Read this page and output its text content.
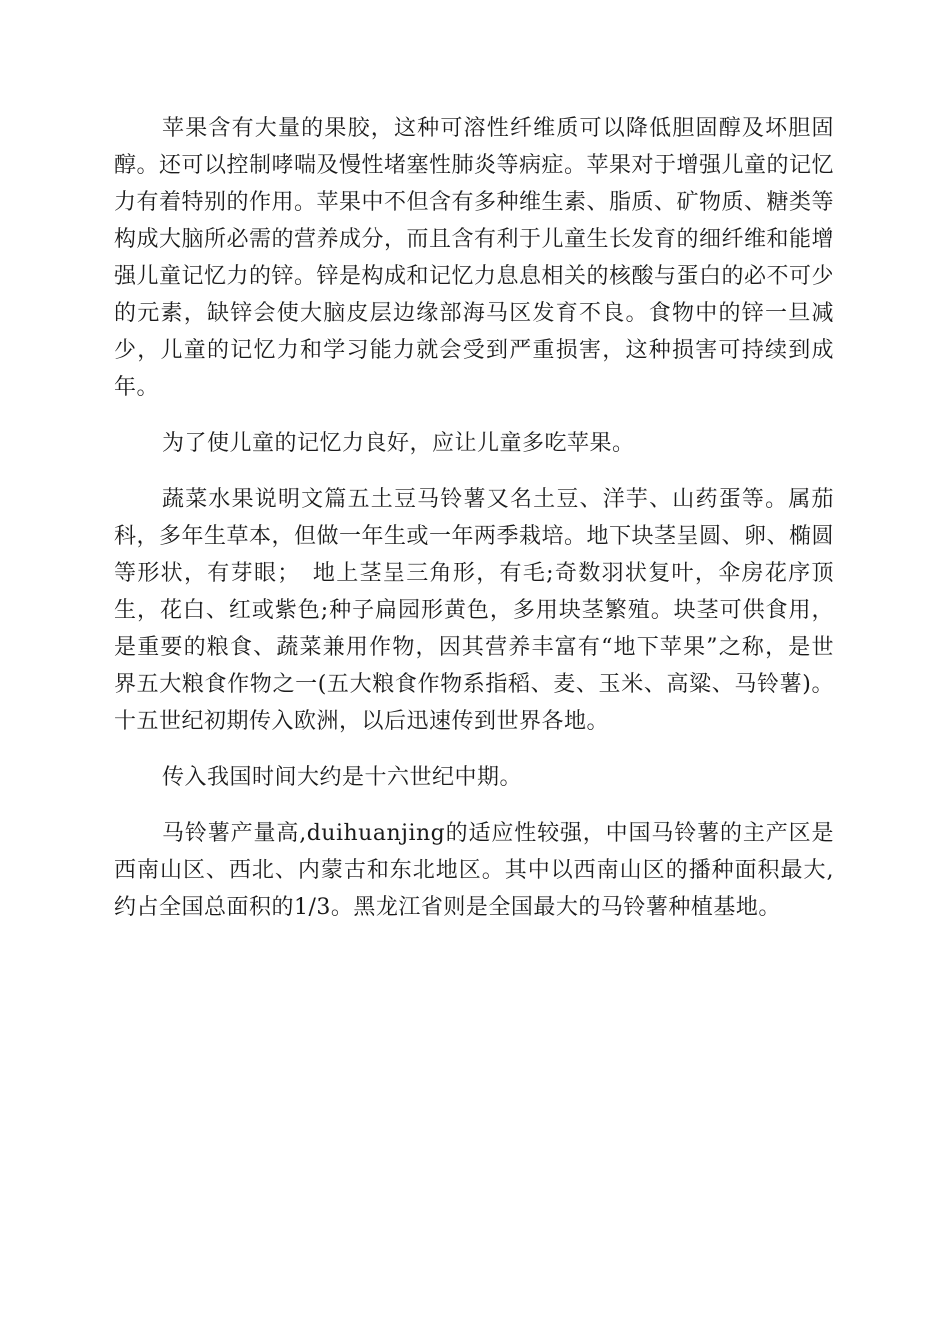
苹果含有大量的果胶，这种可溶性纤维质可以降低胆固醇及坏胆固醇。还可以控制哮喘及慢性堵塞性肺炎等病症。苹果对于增强儿童的记忆力有着特别的作用。苹果中不但含有多种维生素、脂质、矿物质、糖类等构成大脑所必需的营养成分，而且含有利于儿童生长发育的细纤维和能增强儿童记忆力的锌。锌是构成和记忆力息息相关的核酸与蛋白的必不可少的元素，缺锌会使大脑皮层边缘部海马区发育不良。食物中的锌一旦减少，儿童的记忆力和学习能力就会受到严重损害，这种损害可持续到成年。

为了使儿童的记忆力良好，应让儿童多吃苹果。

蔬菜水果说明文篇五土豆马铃薯又名土豆、洋芋、山药蛋等。属茄科，多年生草本，但做一年生或一年两季栽培。地下块茎呈圆、卵、椭圆等形状，有芽眼；　地上茎呈三角形，有毛;奇数羽状复叶，伞房花序顶生，花白、红或紫色;种子扁园形黄色，多用块茎繁殖。块茎可供食用，是重要的粮食、蔬菜兼用作物，因其营养丰富有“地下苹果”之称，是世界五大粮食作物之一(五大粮食作物系指稻、麦、玉米、高粱、马铃薯)。十五世纪初期传入欧洲，以后迅速传到世界各地。

传入我国时间大约是十六世纪中期。

马铃薯产量高,duihuanjing的适应性较强，中国马铃薯的主产区是西南山区、西北、内蒙古和东北地区。其中以西南山区的播种面积最大,约占全国总面积的1/3。黑龙江省则是全国最大的马铃薯种植基地。
